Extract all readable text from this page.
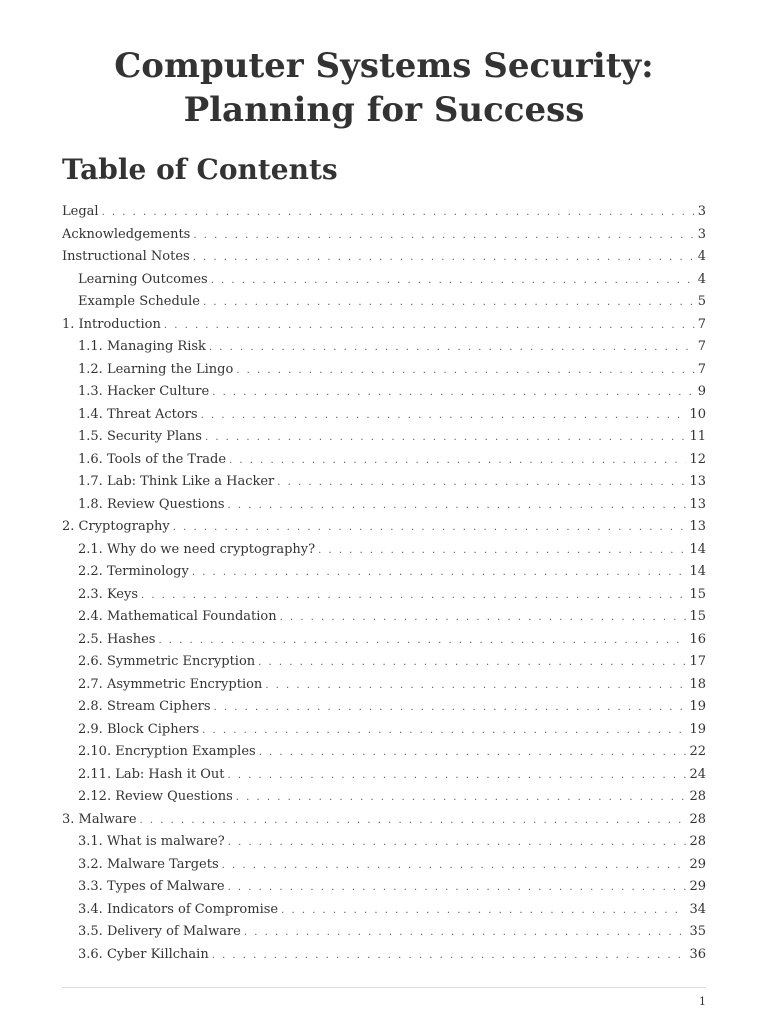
Computer Systems Security:
Planning for Success
Table of Contents
Legal . . .	3
Acknowledgements . . .	3
Instructional Notes . . .	4
Learning Outcomes . . .	4
Example Schedule . . .	5
1. Introduction . . .	7
1.1. Managing Risk . . .	7
1.2. Learning the Lingo . . .	7
1.3. Hacker Culture . . .	9
1.4. Threat Actors . . .	10
1.5. Security Plans . . .	11
1.6. Tools of the Trade . . .	12
1.7. Lab: Think Like a Hacker . . .	13
1.8. Review Questions . . .	13
2. Cryptography . . .	13
2.1. Why do we need cryptography? . . .	14
2.2. Terminology . . .	14
2.3. Keys . . .	15
2.4. Mathematical Foundation . . .	15
2.5. Hashes . . .	16
2.6. Symmetric Encryption . . .	17
2.7. Asymmetric Encryption . . .	18
2.8. Stream Ciphers . . .	19
2.9. Block Ciphers . . .	19
2.10. Encryption Examples . . .	22
2.11. Lab: Hash it Out . . .	24
2.12. Review Questions . . .	28
3. Malware . . .	28
3.1. What is malware? . . .	28
3.2. Malware Targets . . .	29
3.3. Types of Malware . . .	29
3.4. Indicators of Compromise . . .	34
3.5. Delivery of Malware . . .	35
3.6. Cyber Killchain . . .	36
1
